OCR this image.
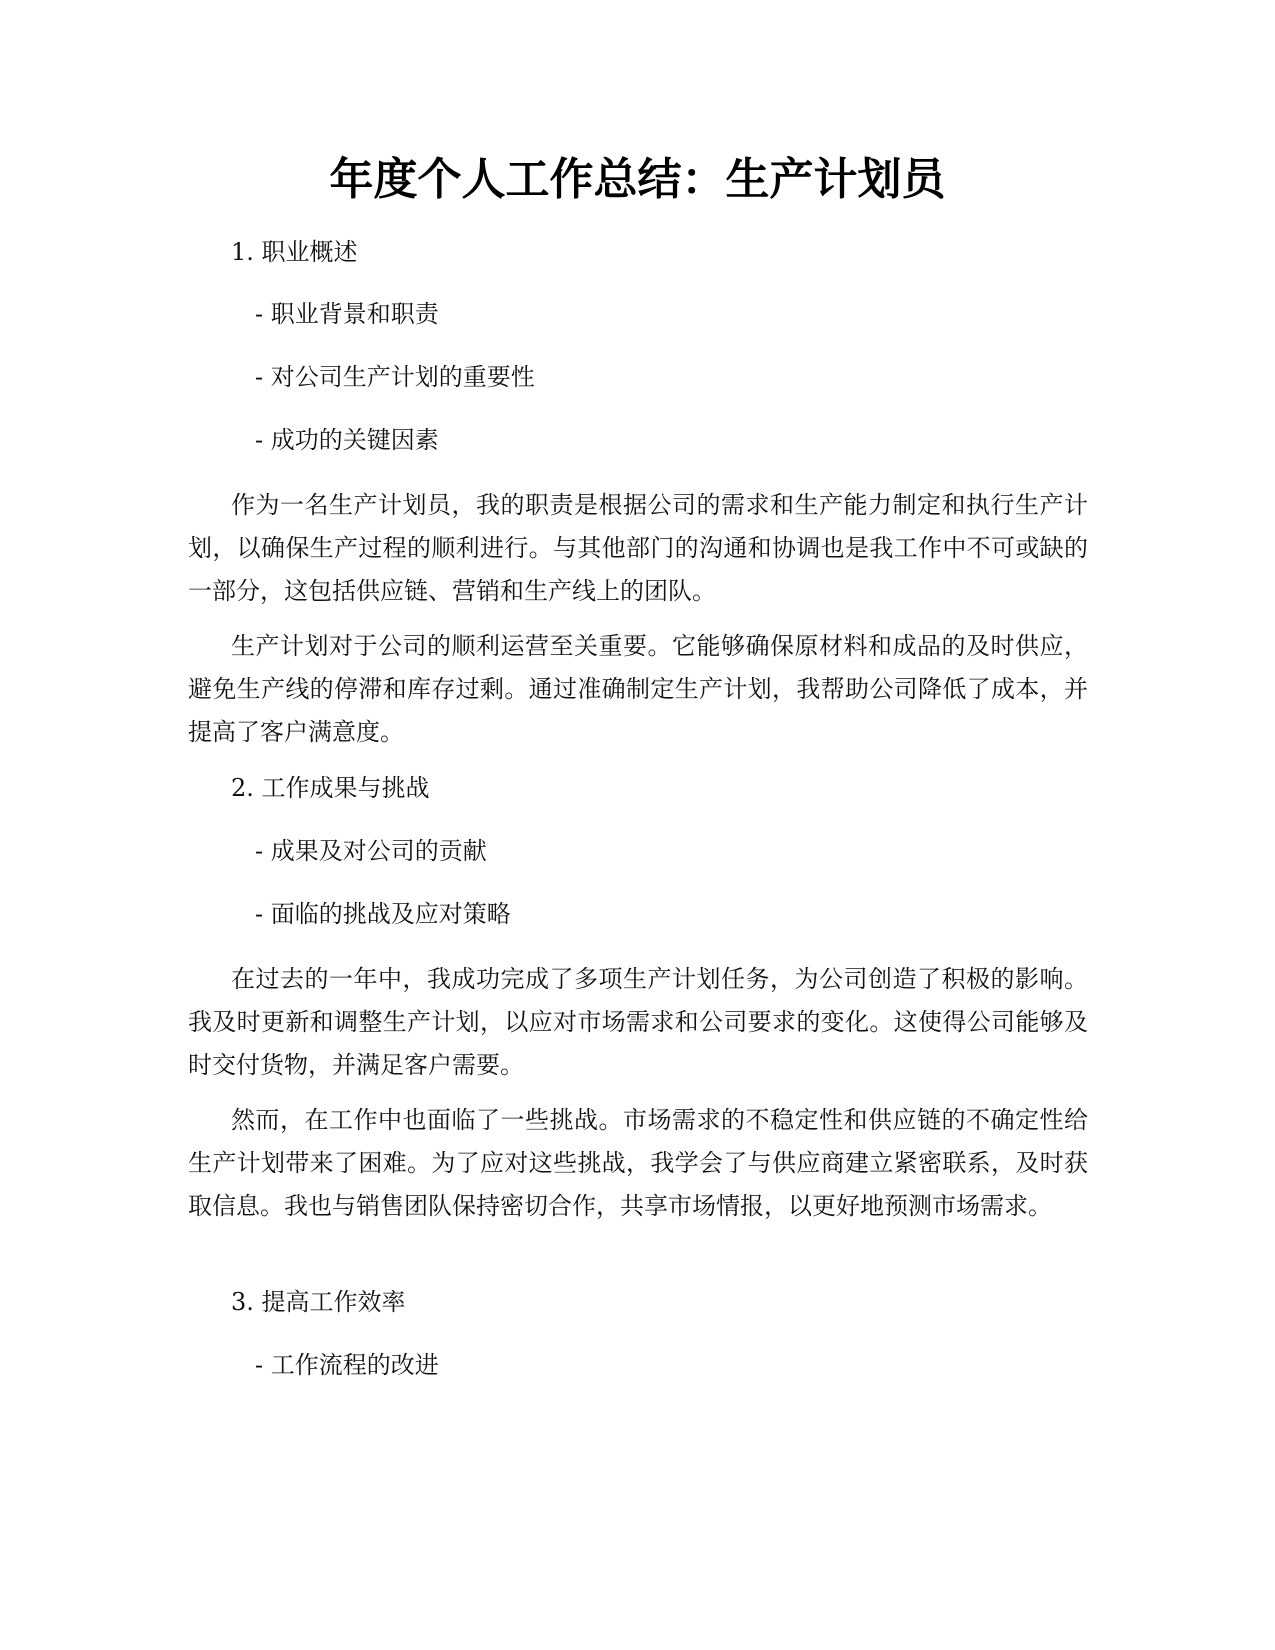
年度个人工作总结：生产计划员

1. 职业概述

- 职业背景和职责

- 对公司生产计划的重要性

- 成功的关键因素

作为一名生产计划员，我的职责是根据公司的需求和生产能力制定和执行生产计划，以确保生产过程的顺利进行。与其他部门的沟通和协调也是我工作中不可或缺的一部分，这包括供应链、营销和生产线上的团队。

生产计划对于公司的顺利运营至关重要。它能够确保原材料和成品的及时供应，避免生产线的停滞和库存过剩。通过准确制定生产计划，我帮助公司降低了成本，并提高了客户满意度。

2. 工作成果与挑战

- 成果及对公司的贡献

- 面临的挑战及应对策略

在过去的一年中，我成功完成了多项生产计划任务，为公司创造了积极的影响。我及时更新和调整生产计划，以应对市场需求和公司要求的变化。这使得公司能够及时交付货物，并满足客户需要。

然而，在工作中也面临了一些挑战。市场需求的不稳定性和供应链的不确定性给生产计划带来了困难。为了应对这些挑战，我学会了与供应商建立紧密联系，及时获取信息。我也与销售团队保持密切合作，共享市场情报，以更好地预测市场需求。

3. 提高工作效率

- 工作流程的改进
